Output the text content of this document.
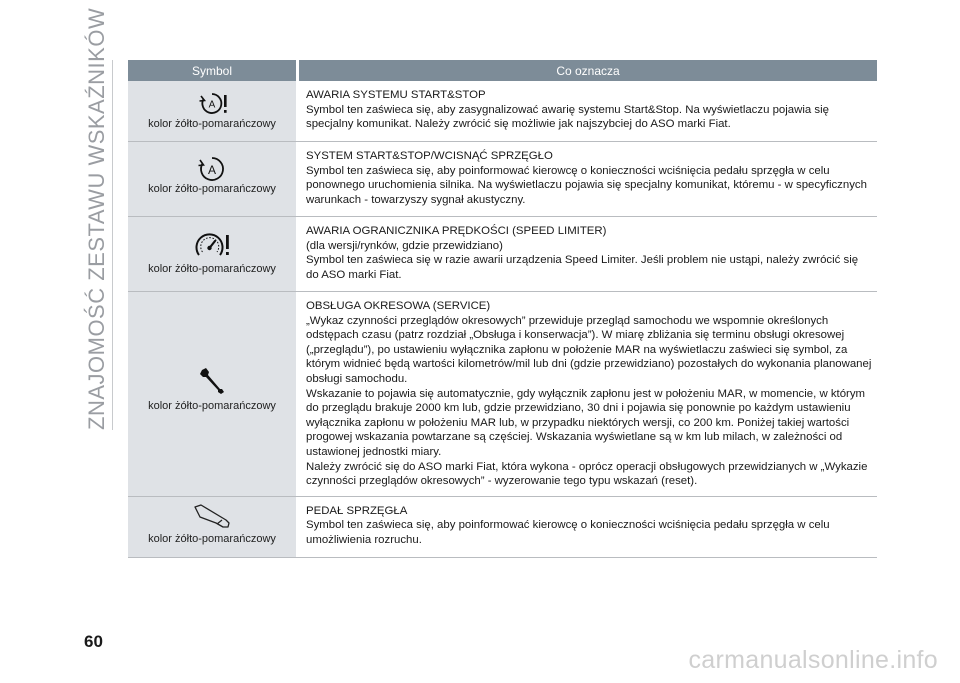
ZNAJOMOŚĆ ZESTAWU WSKAŹNIKÓW	Symbol		Co oznacza

A
kolor żółto-pomarańczowy		AWARIA SYSTEMU START&STOP
Symbol ten zaświeca się, aby zasygnalizować awarię systemu Start&Stop. Na wyświetlaczu pojawia się specjalny komunikat. Należy zwrócić się możliwie jak najszybciej do ASO marki Fiat.

A
kolor żółto-pomarańczowy		SYSTEM START&STOP/WCISNĄĆ SPRZĘGŁO
Symbol ten zaświeca się, aby poinformować kierowcę o konieczności wciśnięcia pedału sprzęgła w celu ponownego uruchomienia silnika. Na wyświetlaczu pojawia się specjalny komunikat, któremu - w specyficznych warunkach - towarzyszy sygnał akustyczny.

kolor żółto-pomarańczowy		AWARIA OGRANICZNIKA PRĘDKOŚCI (SPEED LIMITER)
(dla wersji/rynków, gdzie przewidziano)
Symbol ten zaświeca się w razie awarii urządzenia Speed Limiter. Jeśli problem nie ustąpi, należy zwrócić się do ASO marki Fiat.

kolor żółto-pomarańczowy		OBSŁUGA OKRESOWA (SERVICE)
„Wykaz czynności przeglądów okresowych” przewiduje przegląd samochodu we wspomnie określonych odstępach czasu (patrz rozdział „Obsługa i konserwacja”). W miarę zbliżania się terminu obsługi okresowej („przeglądu”), po ustawieniu wyłącznika zapłonu w położenie MAR na wyświetlaczu zaświeci się symbol, za którym widnieć będą wartości kilometrów/mil lub dni (gdzie przewidziano) pozostałych do wykonania planowanej obsługi samochodu.
Wskazanie to pojawia się automatycznie, gdy wyłącznik zapłonu jest w położeniu MAR, w momencie, w którym do przeglądu brakuje 2000 km lub, gdzie przewidziano, 30 dni i pojawia się ponownie po każdym ustawieniu wyłącznika zapłonu w położeniu MAR lub, w przypadku niektórych wersji, co 200 km. Poniżej takiej wartości progowej wskazania powtarzane są częściej. Wskazania wyświetlane są w km lub milach, w zależności od ustawionej jednostki miary.
Należy zwrócić się do ASO marki Fiat, która wykona - oprócz operacji obsługowych przewidzianych w „Wykazie czynności przeglądów okresowych” - wyzerowanie tego typu wskazań (reset).

kolor żółto-pomarańczowy		PEDAŁ SPRZĘGŁA
Symbol ten zaświeca się, aby poinformować kierowcę o konieczności wciśnięcia pedału sprzęgła w celu umożliwienia rozruchu.
60
carmanualsonline.info
